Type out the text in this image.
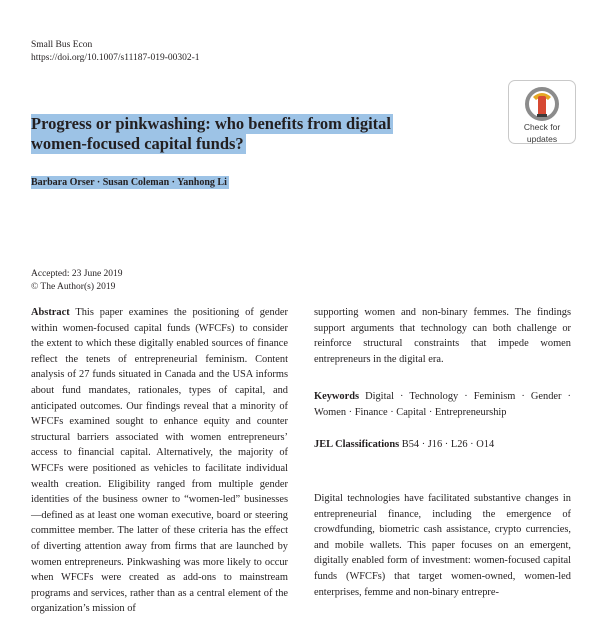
Small Bus Econ
https://doi.org/10.1007/s11187-019-00302-1
Check for
updates
Progress or pinkwashing: who benefits from digital
women-focused capital funds?
Barbara Orser · Susan Coleman · Yanhong Li
Accepted: 23 June 2019
© The Author(s) 2019

Abstract This paper examines the positioning of gender within women-focused capital funds (WFCFs) to consider the extent to which these digitally enabled sources of finance reflect the tenets of entrepreneurial feminism. Content analysis of 27 funds situated in Canada and the USA informs about fund mandates, rationales, types of capital, and anticipated outcomes. Our findings reveal that a minority of WFCFs examined sought to enhance equity and counter structural barriers associated with women entrepreneurs’ access to financial capital. Alternatively, the majority of WFCFs were positioned as vehicles to facilitate individual wealth creation. Eligibility ranged from multiple gender identities of the business owner to “women-led” businesses—defined as at least one woman executive, board or steering committee member. The latter of these criteria has the effect of diverting attention away from firms that are launched by women entrepreneurs. Pinkwashing was more likely to occur when WFCFs were created as add-ons to mainstream programs and services, rather than as a central element of the organization’s mission of

supporting women and non-binary femmes. The findings support arguments that technology can both challenge or reinforce structural constraints that impede women entrepreneurs in the digital era.

Keywords Digital · Technology · Feminism · Gender · Women · Finance · Capital · Entrepreneurship

JEL Classifications B54 · J16 · L26 · O14

Digital technologies have facilitated substantive changes in entrepreneurial finance, including the emergence of crowdfunding, biometric cash assistance, crypto currencies, and mobile wallets. This paper focuses on an emergent, digitally enabled form of investment: women-focused capital funds (WFCFs) that target women-owned, women-led enterprises, femme and non-binary entrepre-
